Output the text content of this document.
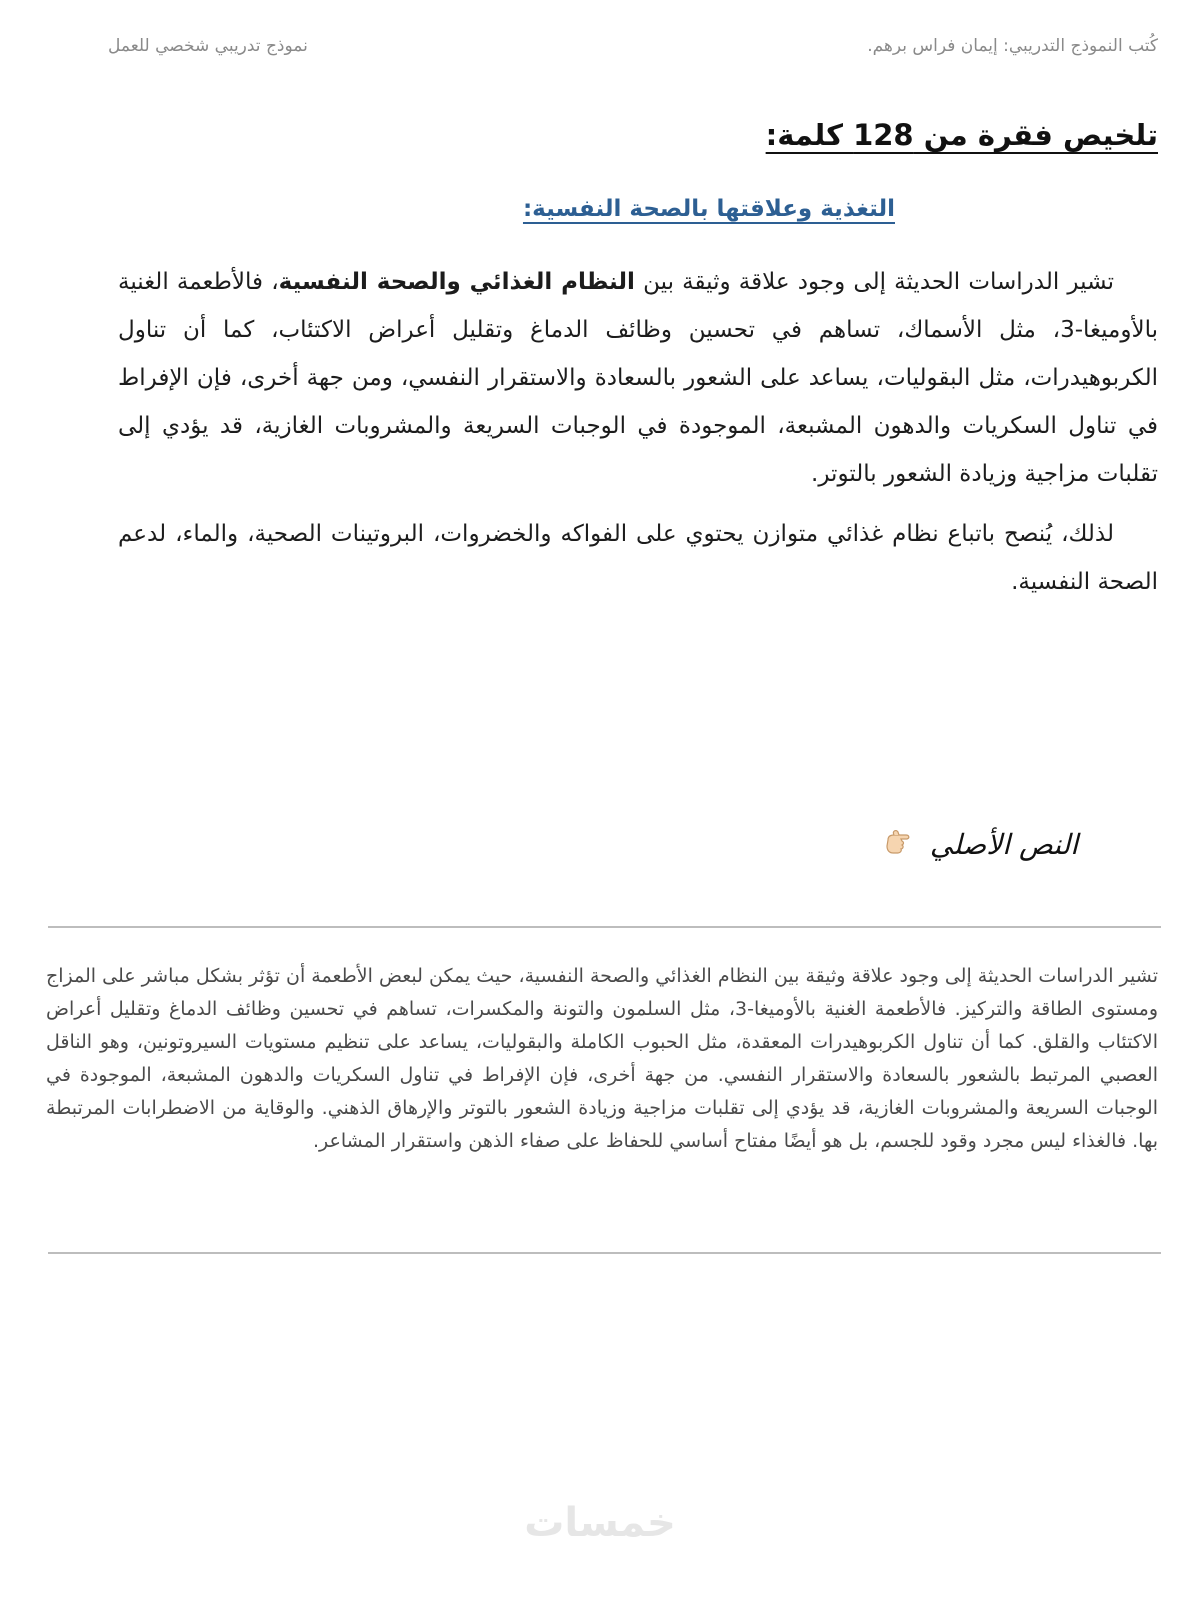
كُتب النموذج التدريبي: إيمان فراس برهم.
نموذج تدريبي شخصي للعمل
تلخيص فقرة من 128 كلمة:
التغذية وعلاقتها بالصحة النفسية:

تشير الدراسات الحديثة إلى وجود علاقة وثيقة بين النظام الغذائي والصحة النفسية، فالأطعمة الغنية بالأوميغا-3، مثل الأسماك، تساهم في تحسين وظائف الدماغ وتقليل أعراض الاكتئاب، كما أن تناول الكربوهيدرات، مثل البقوليات، يساعد على الشعور بالسعادة والاستقرار النفسي، ومن جهة أخرى، فإن الإفراط في تناول السكريات والدهون المشبعة، الموجودة في الوجبات السريعة والمشروبات الغازية، قد يؤدي إلى تقلبات مزاجية وزيادة الشعور بالتوتر.

لذلك، يُنصح باتباع نظام غذائي متوازن يحتوي على الفواكه والخضروات، البروتينات الصحية، والماء، لدعم الصحة النفسية.

النص الأصلي

تشير الدراسات الحديثة إلى وجود علاقة وثيقة بين النظام الغذائي والصحة النفسية، حيث يمكن لبعض الأطعمة أن تؤثر بشكل مباشر على المزاج ومستوى الطاقة والتركيز. فالأطعمة الغنية بالأوميغا-3، مثل السلمون والتونة والمكسرات، تساهم في تحسين وظائف الدماغ وتقليل أعراض الاكتئاب والقلق. كما أن تناول الكربوهيدرات المعقدة، مثل الحبوب الكاملة والبقوليات، يساعد على تنظيم مستويات السيروتونين، وهو الناقل العصبي المرتبط بالشعور بالسعادة والاستقرار النفسي. من جهة أخرى، فإن الإفراط في تناول السكريات والدهون المشبعة، الموجودة في الوجبات السريعة والمشروبات الغازية، قد يؤدي إلى تقلبات مزاجية وزيادة الشعور بالتوتر والإرهاق الذهني. والوقاية من الاضطرابات المرتبطة بها. فالغذاء ليس مجرد وقود للجسم، بل هو أيضًا مفتاح أساسي للحفاظ على صفاء الذهن واستقرار المشاعر.

خمسات
